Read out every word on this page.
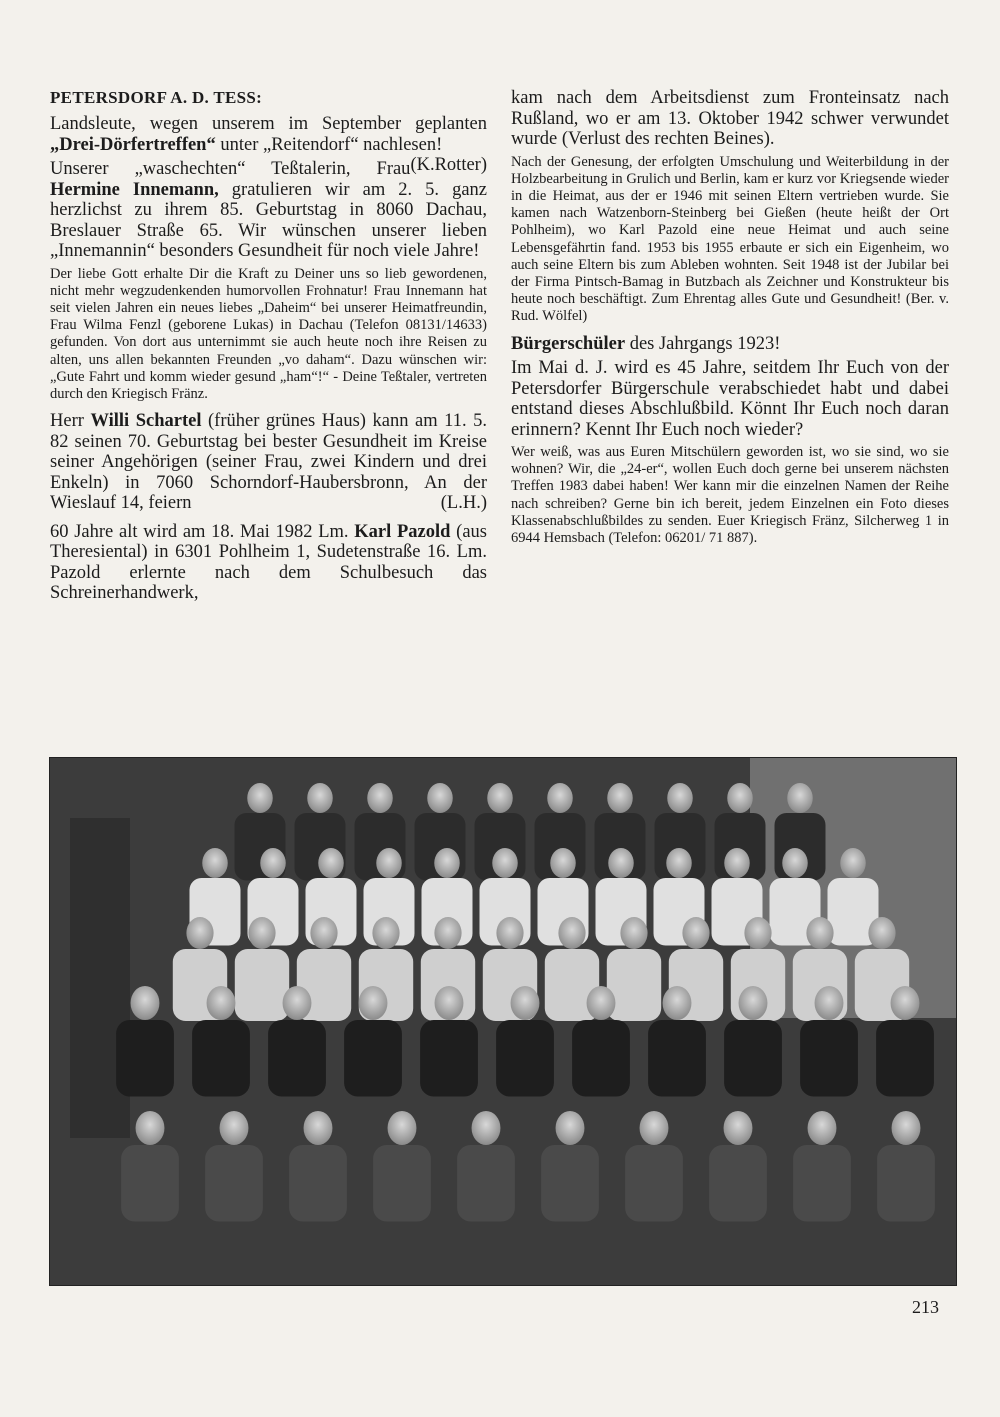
PETERSDORF A. D. TESS:

Landsleute, wegen unserem im September geplanten „Drei-Dörfertreffen“ unter „Reitendorf“ nachlesen!
(K.Rotter)

Unserer „waschechten“ Teßtalerin, Frau Hermine Innemann, gratulieren wir am 2. 5. ganz herzlichst zu ihrem 85. Geburtstag in 8060 Dachau, Breslauer Straße 65. Wir wünschen unserer lieben „Innemannin“ besonders Gesundheit für noch viele Jahre!

Der liebe Gott erhalte Dir die Kraft zu Deiner uns so lieb gewordenen, nicht mehr wegzudenkenden humorvollen Frohnatur! Frau Innemann hat seit vielen Jahren ein neues liebes „Daheim“ bei unserer Heimatfreundin, Frau Wilma Fenzl (geborene Lukas) in Dachau (Telefon 08131/14633) gefunden. Von dort aus unternimmt sie auch heute noch ihre Reisen zu alten, uns allen bekannten Freunden „vo daham“. Dazu wünschen wir: „Gute Fahrt und komm wieder gesund „ham“!“ - Deine Teßtaler, vertreten durch den Kriegisch Fränz.

Herr Willi Schartel (früher grünes Haus) kann am 11. 5. 82 seinen 70. Geburtstag bei bester Gesundheit im Kreise seiner Angehörigen (seiner Frau, zwei Kindern und drei Enkeln) in 7060 Schorndorf-Haubersbronn, An der Wieslauf 14, feiern	(L.H.)

60 Jahre alt wird am 18. Mai 1982 Lm. Karl Pazold (aus Theresiental) in 6301 Pohlheim 1, Sudetenstraße 16. Lm. Pazold erlernte nach dem Schulbesuch das Schreinerhandwerk,

kam nach dem Arbeitsdienst zum Fronteinsatz nach Rußland, wo er am 13. Oktober 1942 schwer verwundet wurde (Verlust des rechten Beines).

Nach der Genesung, der erfolgten Umschulung und Weiterbildung in der Holzbearbeitung in Grulich und Berlin, kam er kurz vor Kriegsende wieder in die Heimat, aus der er 1946 mit seinen Eltern vertrieben wurde. Sie kamen nach Watzenborn-Steinberg bei Gießen (heute heißt der Ort Pohlheim), wo Karl Pazold eine neue Heimat und auch seine Lebensgefährtin fand. 1953 bis 1955 erbaute er sich ein Eigenheim, wo auch seine Eltern bis zum Ableben wohnten. Seit 1948 ist der Jubilar bei der Firma Pintsch-Bamag in Butzbach als Zeichner und Konstrukteur bis heute noch beschäftigt. Zum Ehrentag alles Gute und Gesundheit! (Ber. v. Rud. Wölfel)

Bürgerschüler des Jahrgangs 1923!

Im Mai d. J. wird es 45 Jahre, seitdem Ihr Euch von der Petersdorfer Bürgerschule verabschiedet habt und dabei entstand dieses Abschlußbild. Könnt Ihr Euch noch daran erinnern? Kennt Ihr Euch noch wieder?

Wer weiß, was aus Euren Mitschülern geworden ist, wo sie sind, wo sie wohnen? Wir, die „24-er“, wollen Euch doch gerne bei unserem nächsten Treffen 1983 dabei haben! Wer kann mir die einzelnen Namen der Reihe nach schreiben? Gerne bin ich bereit, jedem Einzelnen ein Foto dieses Klassenabschlußbildes zu senden. Euer Kriegisch Fränz, Silcherweg 1 in 6944 Hemsbach (Telefon: 06201/ 71 887).

213
